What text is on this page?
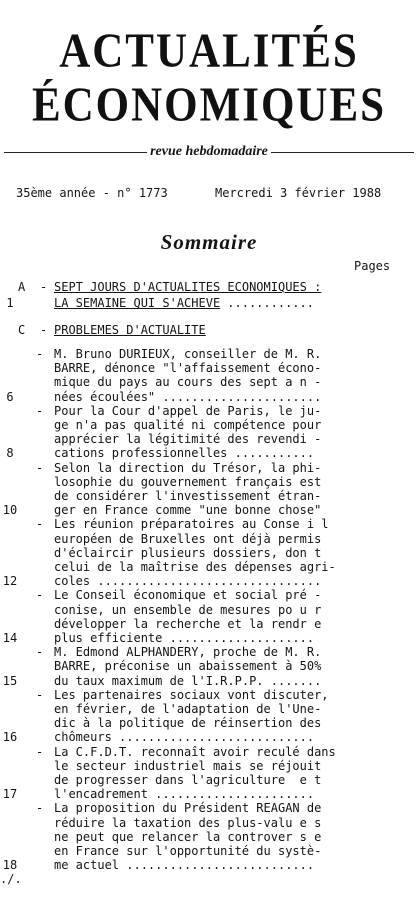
ACTUALITÉS
ÉCONOMIQUES
revue hebdomadaire
35ème année - n° 1773	Mercredi 3 février 1988
Sommaire
Pages
A - SEPT JOURS D'ACTUALITES ECONOMIQUES :
LA SEMAINE QUI S'ACHEVE ............
1
C - PROBLEMES D'ACTUALITE
- M. Bruno DURIEUX, conseiller de M. R.
BARRE, dénonce "l'affaissement écono-
mique du pays au cours des sept a n -
nées écoulées" ......................
6
- Pour la Cour d'appel de Paris, le ju-
ge n'a pas qualité ni compétence pour
apprécier la légitimité des revendi -
cations professionnelles ...........
8
- Selon la direction du Trésor, la phi-
losophie du gouvernement français est
de considérer l'investissement étran-
ger en France comme "une bonne chose"
10
- Les réunion préparatoires au Conse i l
européen de Bruxelles ont déjà permis
d'éclaircir plusieurs dossiers, don t
celui de la maîtrise des dépenses agri-
coles ...............................
12
- Le Conseil économique et social pré -
conise, un ensemble de mesures po u r
développer la recherche et la rendr e
plus efficiente ....................
14
- M. Edmond ALPHANDERY, proche de M. R.
BARRE, préconise un abaissement à 50%
du taux maximum de l'I.R.P.P. .......
15
- Les partenaires sociaux vont discuter,
en février, de l'adaptation de l'Une-
dic à la politique de réinsertion des
chômeurs ...........................
16
- La C.F.D.T. reconnaît avoir reculé dans
le secteur industriel mais se réjouit
de progresser dans l'agriculture  e t
l'encadrement ......................
17
- La proposition du Président REAGAN de
réduire la taxation des plus-valu e s
ne peut que relancer la controver s e
en France sur l'opportunité du systè-
me actuel ..........................
18
./.
